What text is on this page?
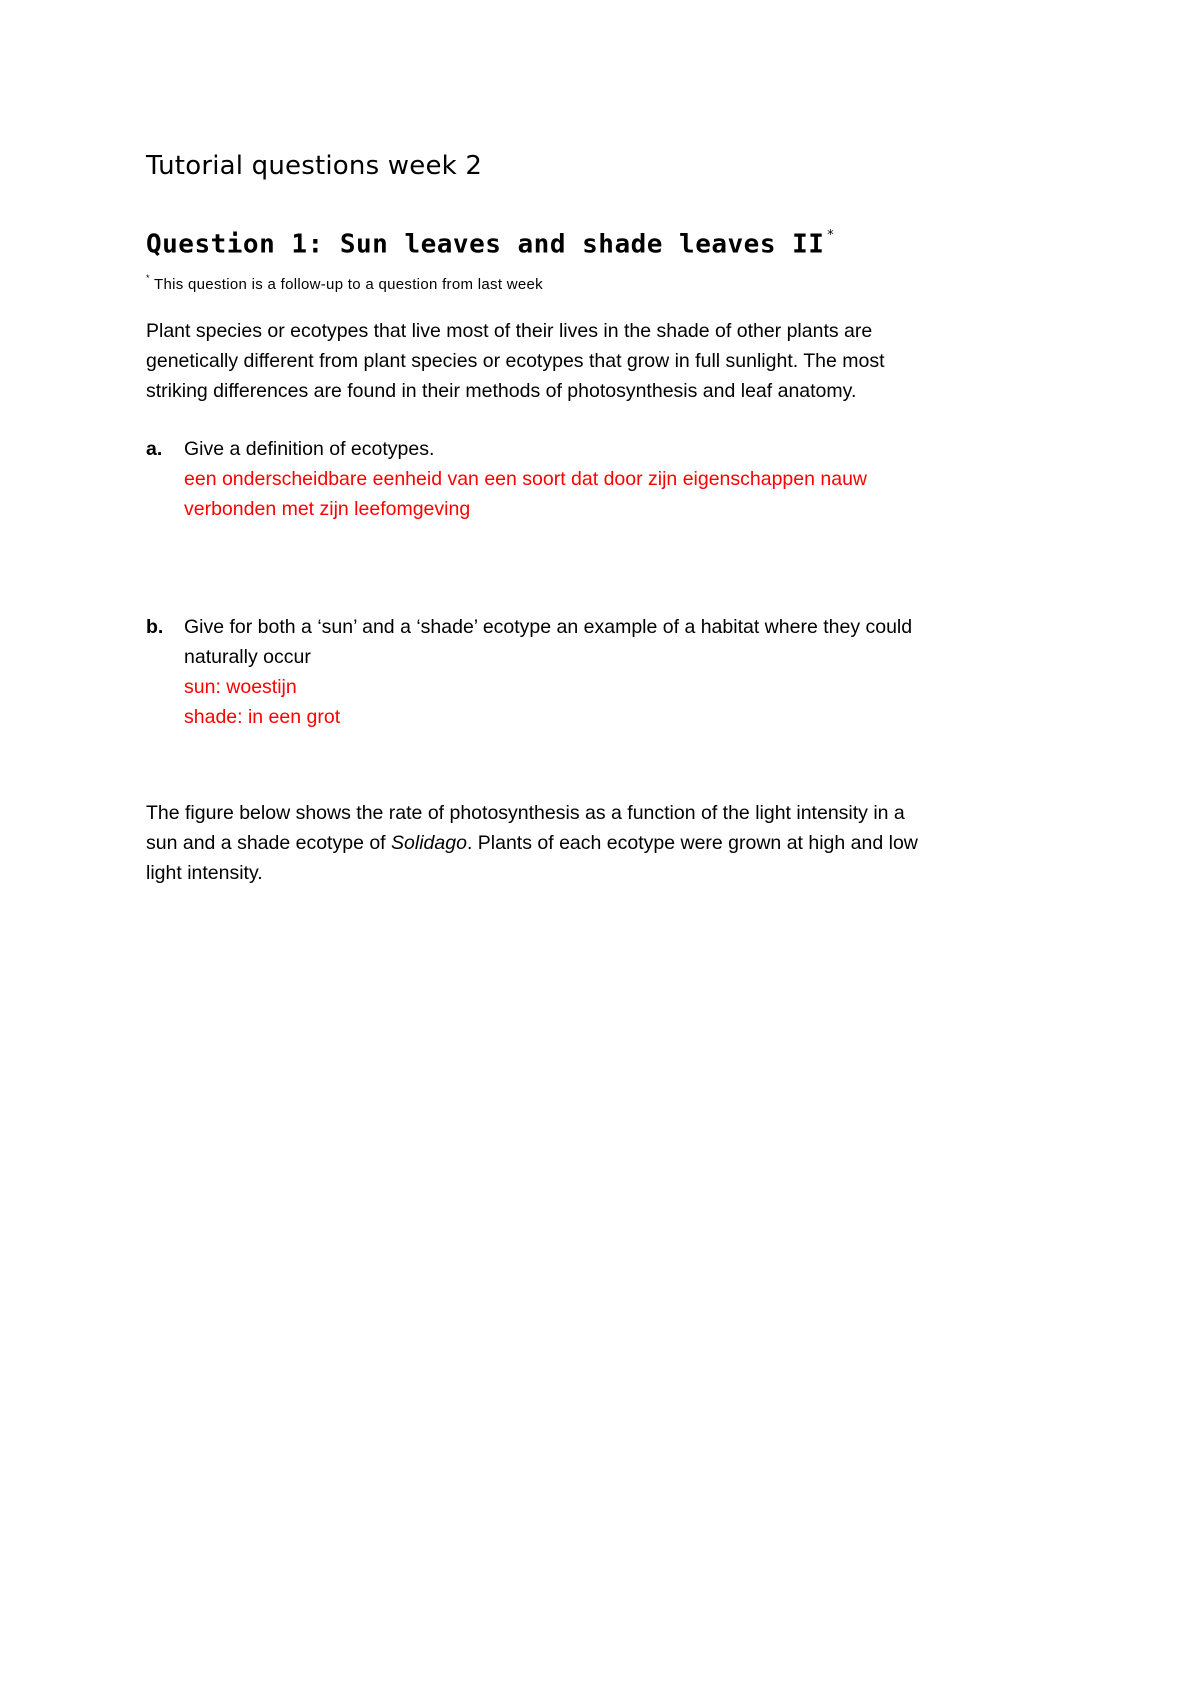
Tutorial questions week 2
Question 1: Sun leaves and shade leaves II *

* This question is a follow-up to a question from last week

Plant species or ecotypes that live most of their lives in the shade of other plants are
genetically different from plant species or ecotypes that grow in full sunlight. The most
striking differences are found in their methods of photosynthesis and leaf anatomy.

a. Give a definition of ecotypes.
een onderscheidbare eenheid van een soort dat door zijn eigenschappen nauw
verbonden met zijn leefomgeving
b. Give for both a ‘sun’ and a ‘shade’ ecotype an example of a habitat where they could
naturally occur
sun: woestijn
shade: in een grot

The figure below shows the rate of photosynthesis as a function of the light intensity in a
sun and a shade ecotype of Solidago. Plants of each ecotype were grown at high and low
light intensity.
